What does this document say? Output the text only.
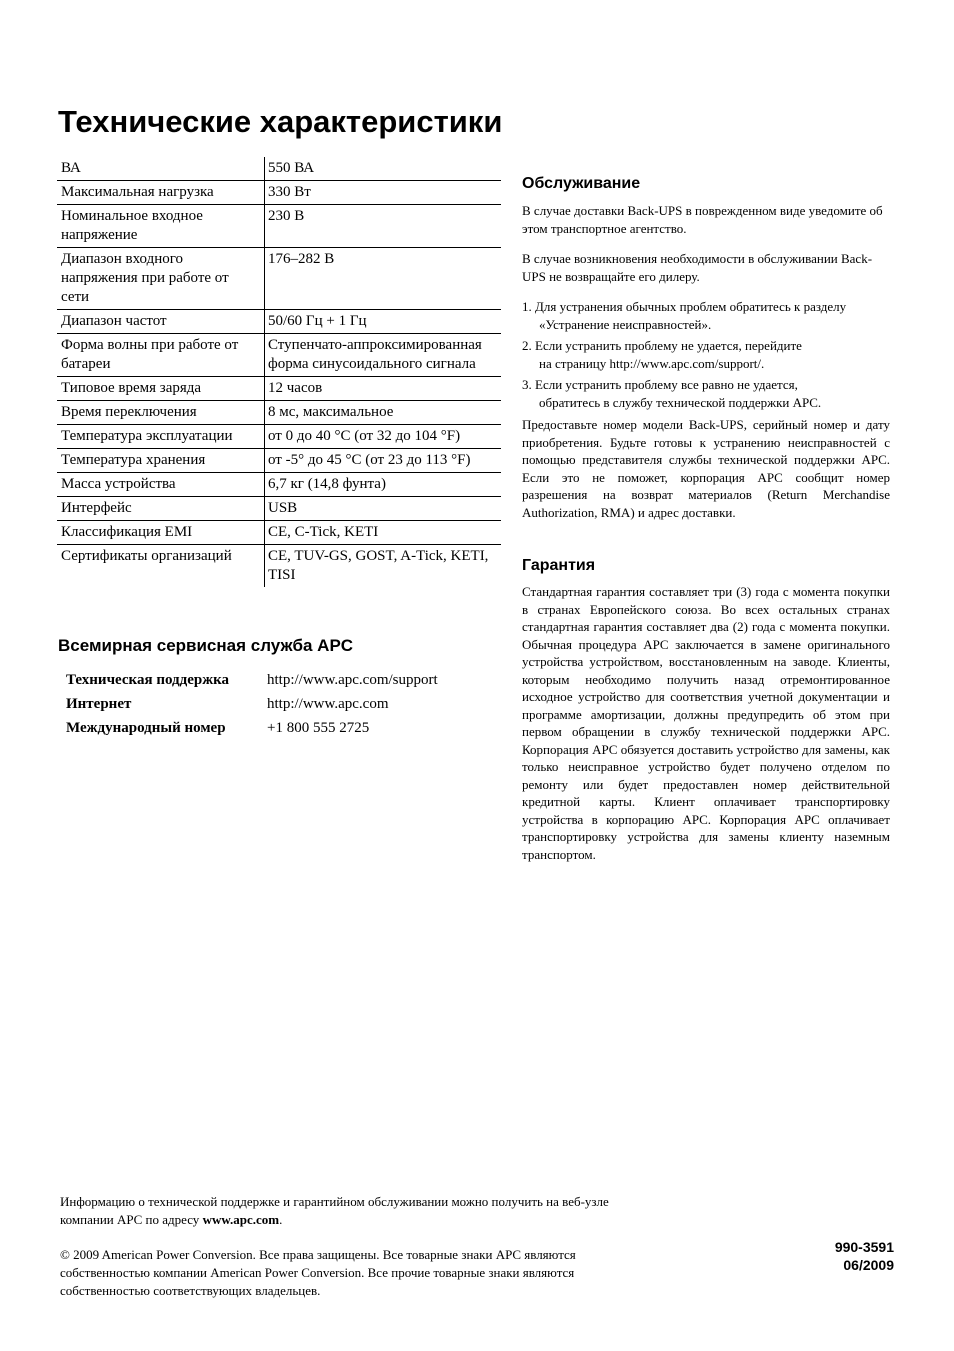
Технические характеристики
ВА	550 ВА
Максимальная нагрузка	330 Вт
Номинальное входное напряжение	230 В
Диапазон входного напряжения при работе от сети	176–282 В
Диапазон частот	50/60 Гц + 1 Гц
Форма волны при работе от батареи	Ступенчато-аппроксимированная форма синусоидального сигнала
Типовое время заряда	12 часов
Время переключения	8 мс, максимальное
Температура эксплуатации	от 0 до 40 °C (от 32 до 104 °F)
Температура хранения	от -5° до 45 °C (от 23 до 113 °F)
Масса устройства	6,7 кг (14,8 фунта)
Интерфейс	USB
Классификация EMI	CE, C-Tick, KETI
Сертификаты организаций	CE, TUV-GS, GOST, A-Tick, KETI, TISI
Всемирная сервисная служба APC
Техническая поддержка	http://www.apc.com/support
Интернет	http://www.apc.com
Международный номер	+1 800 555 2725
Обслуживание

В случае доставки Back-UPS в поврежденном виде уведомите об этом транспортное агентство.

В случае возникновения необходимости в обслуживании Back-UPS не возвращайте его дилеру.

1. Для устранения обычных проблем обратитесь к разделу
«Устранение неисправностей».
2. Если устранить проблему не удается, перейдите
на страницу http://www.apc.com/support/.
3. Если устранить проблему все равно не удается,
обратитесь в службу технической поддержки APC.

Предоставьте номер модели Back-UPS, серийный номер и дату приобретения. Будьте готовы к устранению неисправностей с помощью представителя службы технической поддержки APC. Если это не поможет, корпорация APC сообщит номер разрешения на возврат материалов (Return Merchandise Authorization, RMA) и адрес доставки.

Гарантия

Стандартная гарантия составляет три (3) года с момента покупки в странах Европейского союза. Во всех остальных странах стандартная гарантия составляет два (2) года с момента покупки. Обычная процедура APC заключается в замене оригинального устройства устройством, восстановленным на заводе. Клиенты, которым необходимо получить назад отремонтированное исходное устройство для соответствия учетной документации и программе амортизации, должны предупредить об этом при первом обращении в службу технической поддержки APC. Корпорация APC обязуется доставить устройство для замены, как только неисправное устройство будет получено отделом по ремонту или будет предоставлен номер действительной кредитной карты. Клиент оплачивает транспортировку устройства в корпорацию APC. Корпорация APC оплачивает транспортировку устройства для замены клиенту наземным транспортом.

Информацию о технической поддержке и гарантийном обслуживании можно получить на веб-узле компании APC по адресу www.apc.com.

© 2009 American Power Conversion. Все права защищены. Все товарные знаки APC являются собственностью компании American Power Conversion. Все прочие товарные знаки являются собственностью соответствующих владельцев.

990-3591
06/2009
